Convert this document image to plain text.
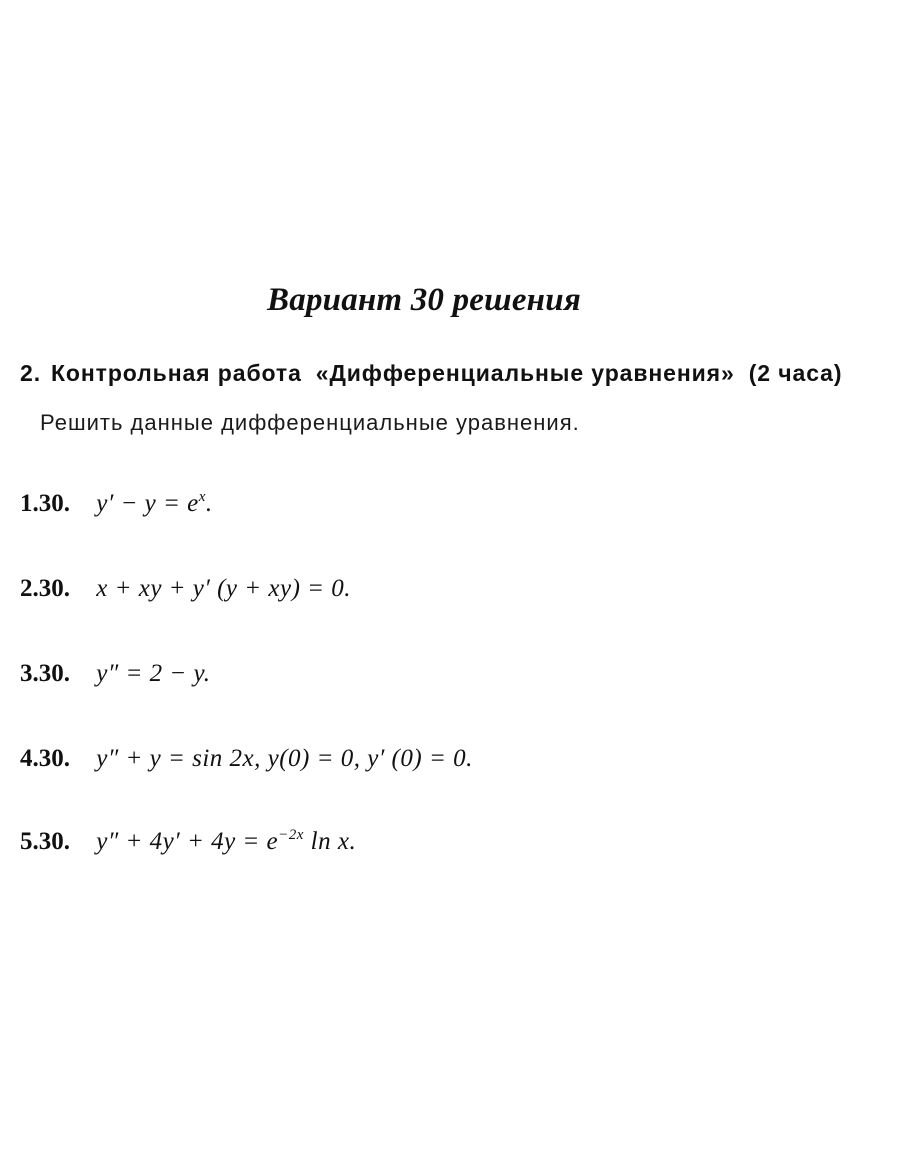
Вариант 30 решения
2. Контрольная работа «Дифференциальные уравнения» (2 часа)
Решить данные дифференциальные уравнения.
1.30. $y' - y = e^x$.
2.30. x + xy + y′ (y + xy) = 0.
3.30. y″ = 2 − y.
4.30. y″ + y = sin 2x, y(0) = 0, y′ (0) = 0.
5.30. $y'' + 4y' + 4y = e^{-2x}$ ln x.
